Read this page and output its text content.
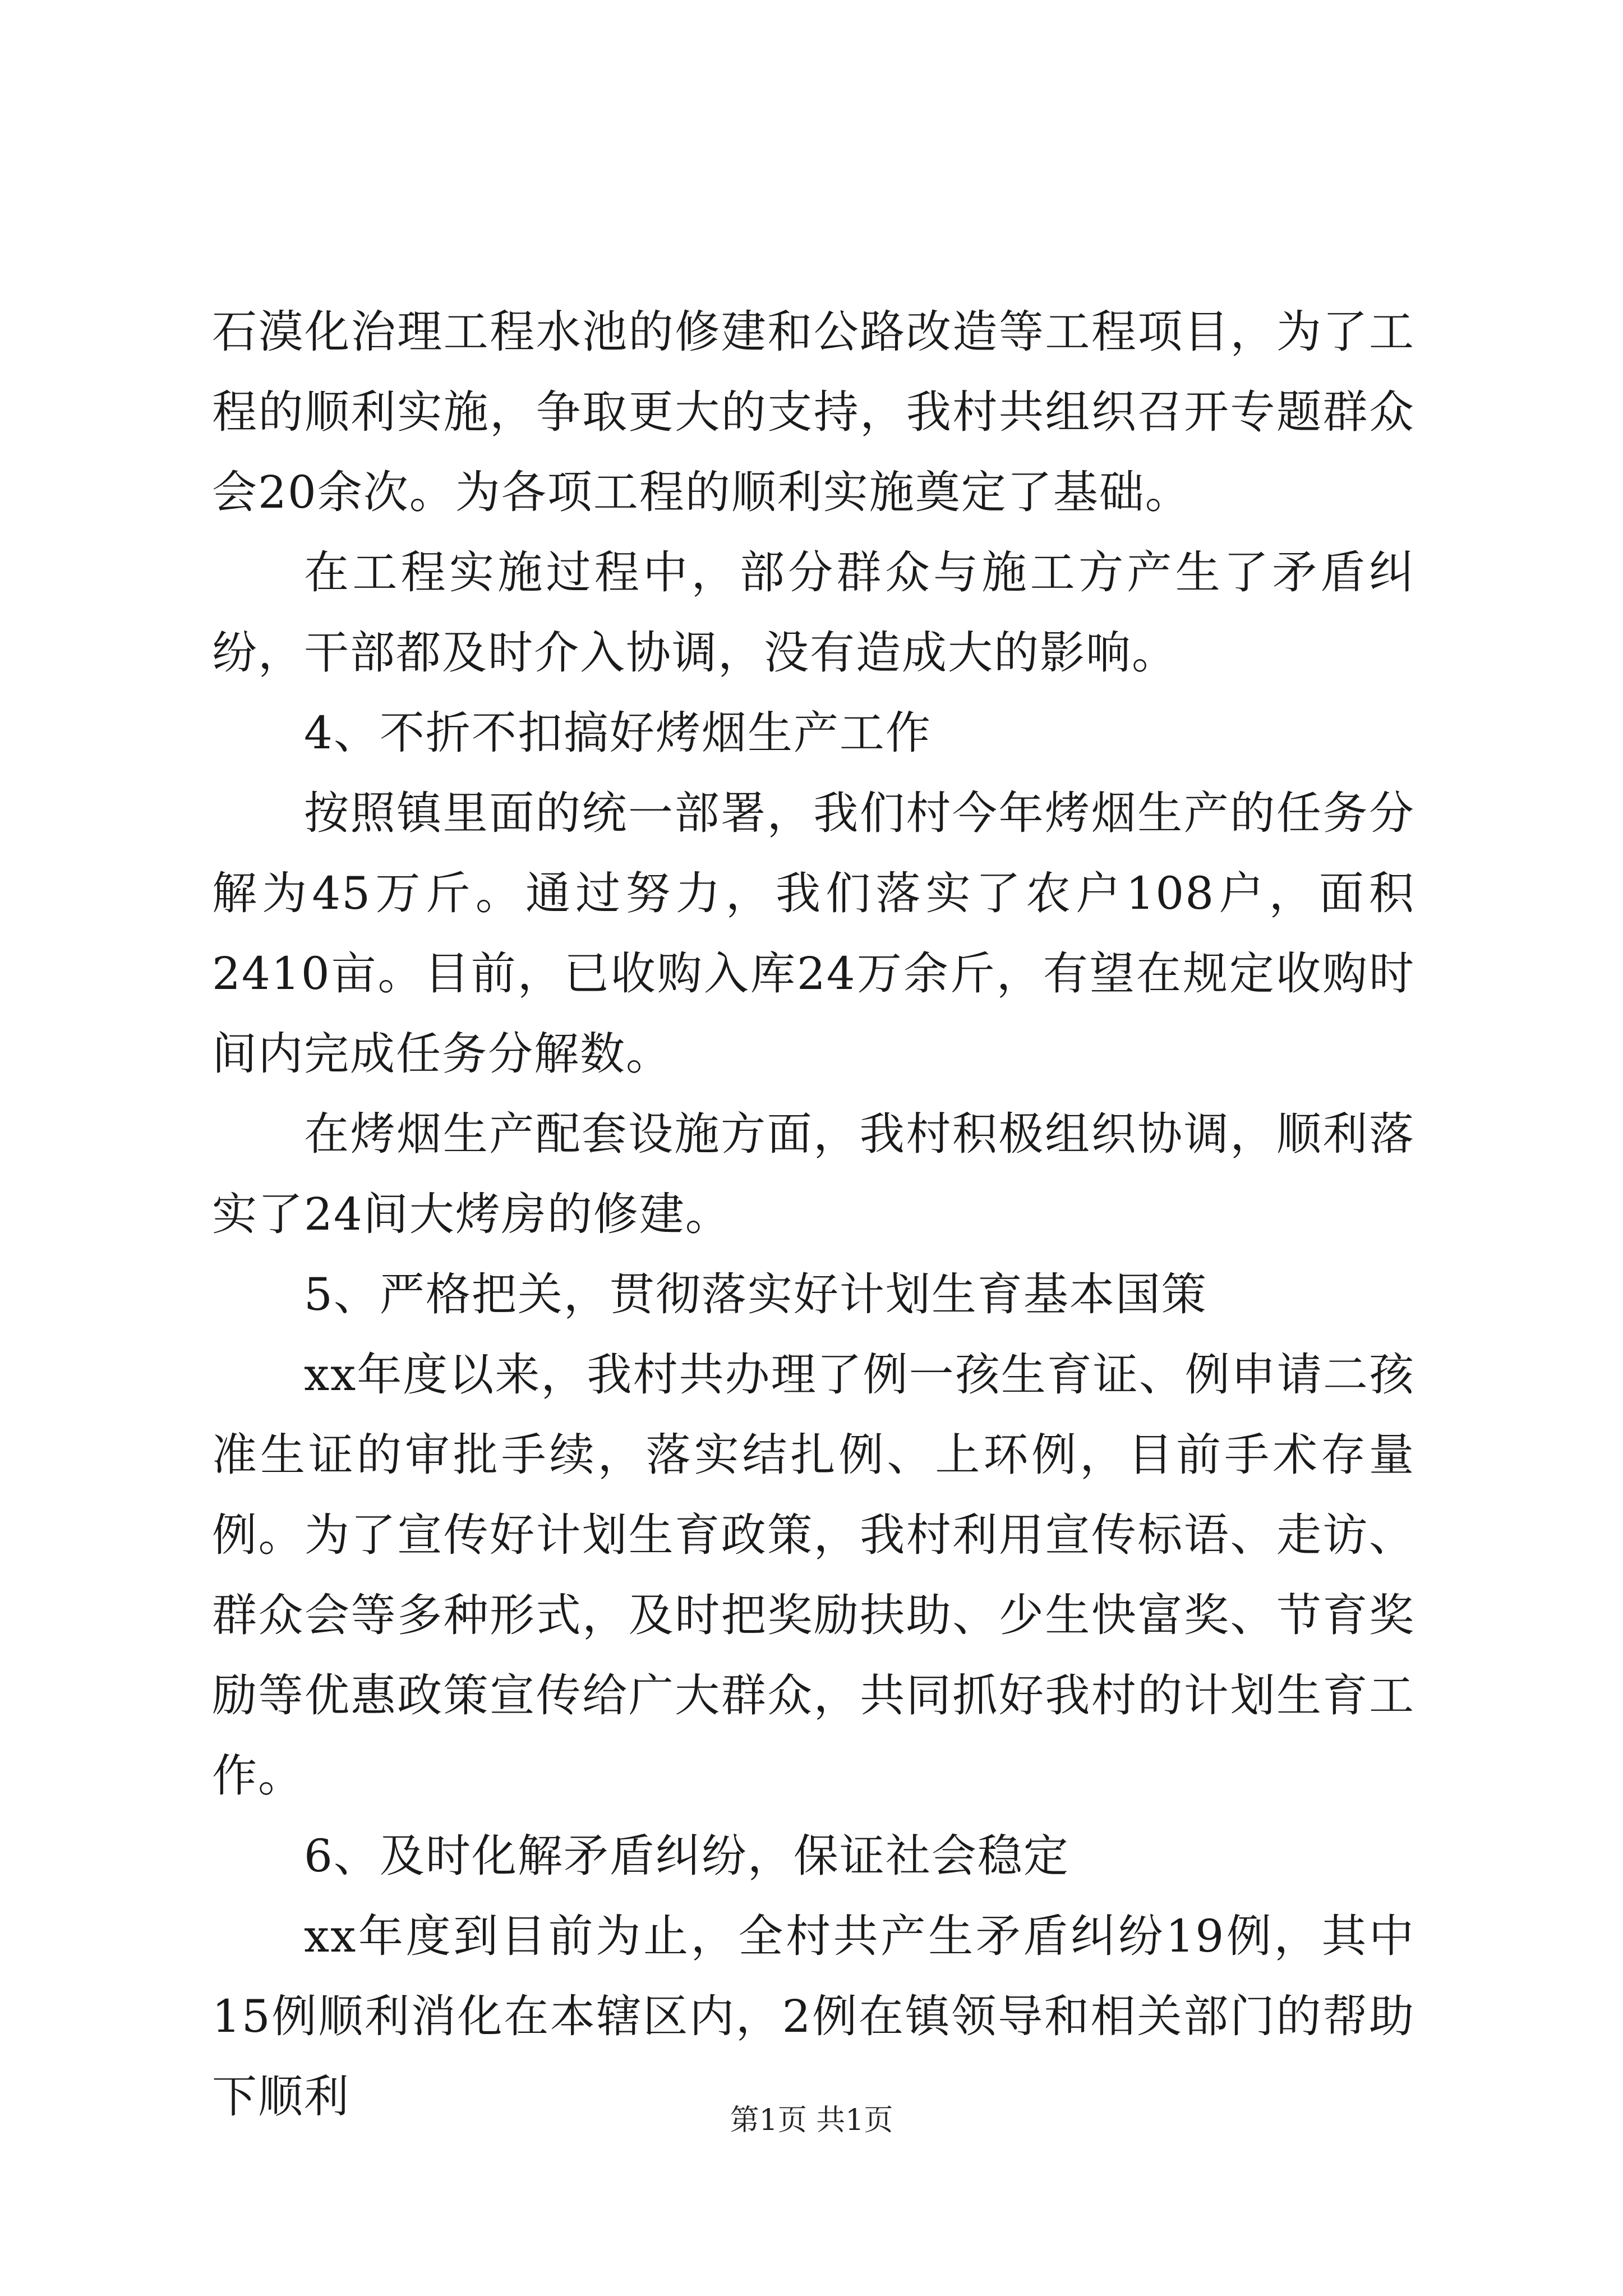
石漠化治理工程水池的修建和公路改造等工程项目，为了工程的顺利实施，争取更大的支持，我村共组织召开专题群众会20余次。为各项工程的顺利实施奠定了基础。

在工程实施过程中，部分群众与施工方产生了矛盾纠纷，干部都及时介入协调，没有造成大的影响。

4、不折不扣搞好烤烟生产工作

按照镇里面的统一部署，我们村今年烤烟生产的任务分解为45万斤。通过努力，我们落实了农户108户，面积2410亩。目前，已收购入库24万余斤，有望在规定收购时间内完成任务分解数。

在烤烟生产配套设施方面，我村积极组织协调，顺利落实了24间大烤房的修建。

5、严格把关，贯彻落实好计划生育基本国策

xx年度以来，我村共办理了例一孩生育证、例申请二孩准生证的审批手续，落实结扎例、上环例，目前手术存量例。为了宣传好计划生育政策，我村利用宣传标语、走访、群众会等多种形式，及时把奖励扶助、少生快富奖、节育奖励等优惠政策宣传给广大群众，共同抓好我村的计划生育工作。

6、及时化解矛盾纠纷，保证社会稳定

xx年度到目前为止，全村共产生矛盾纠纷19例，其中15例顺利消化在本辖区内，2例在镇领导和相关部门的帮助下顺利	第1页 共1页
